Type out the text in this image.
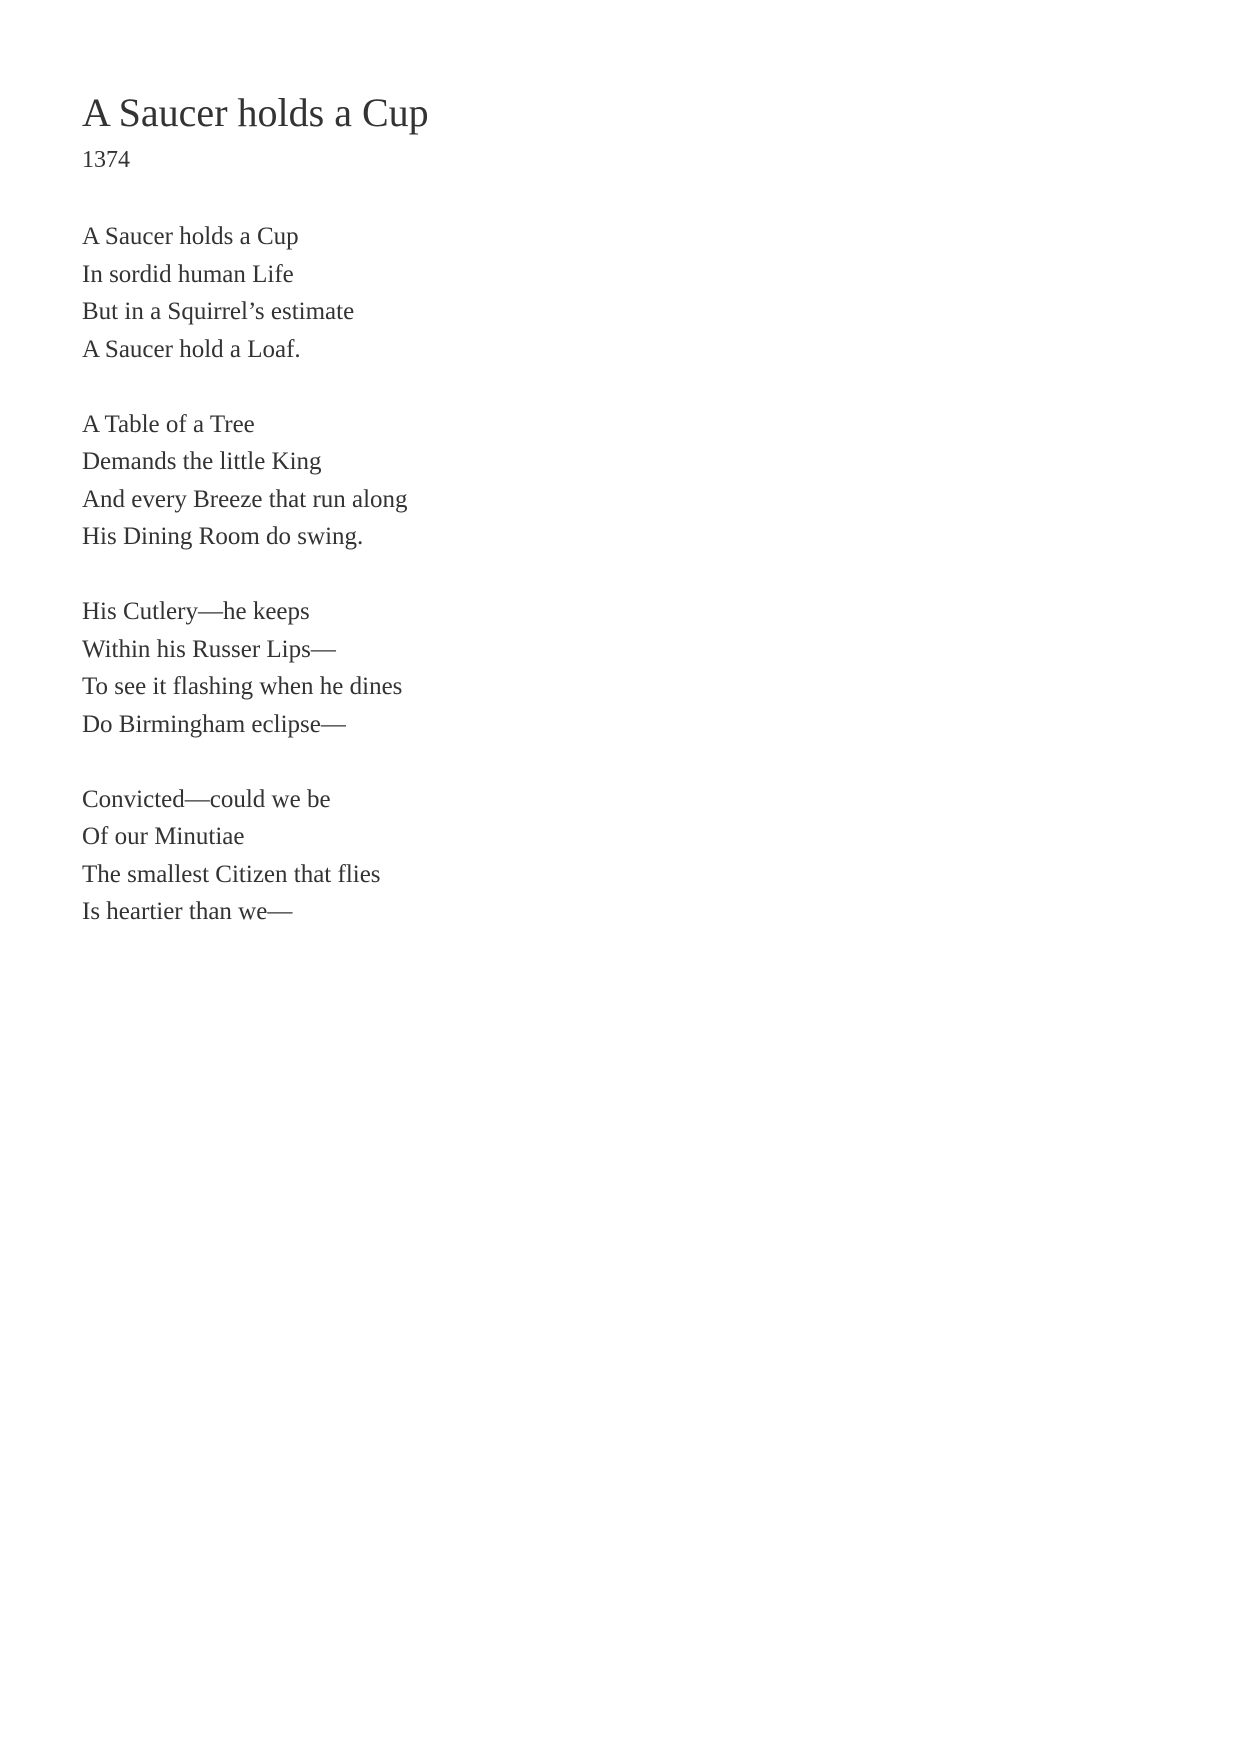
A Saucer holds a Cup
1374
A Saucer holds a Cup
In sordid human Life
But in a Squirrel’s estimate
A Saucer hold a Loaf.
A Table of a Tree
Demands the little King
And every Breeze that run along
His Dining Room do swing.
His Cutlery—he keeps
Within his Russer Lips—
To see it flashing when he dines
Do Birmingham eclipse—
Convicted—could we be
Of our Minutiae
The smallest Citizen that flies
Is heartier than we—
